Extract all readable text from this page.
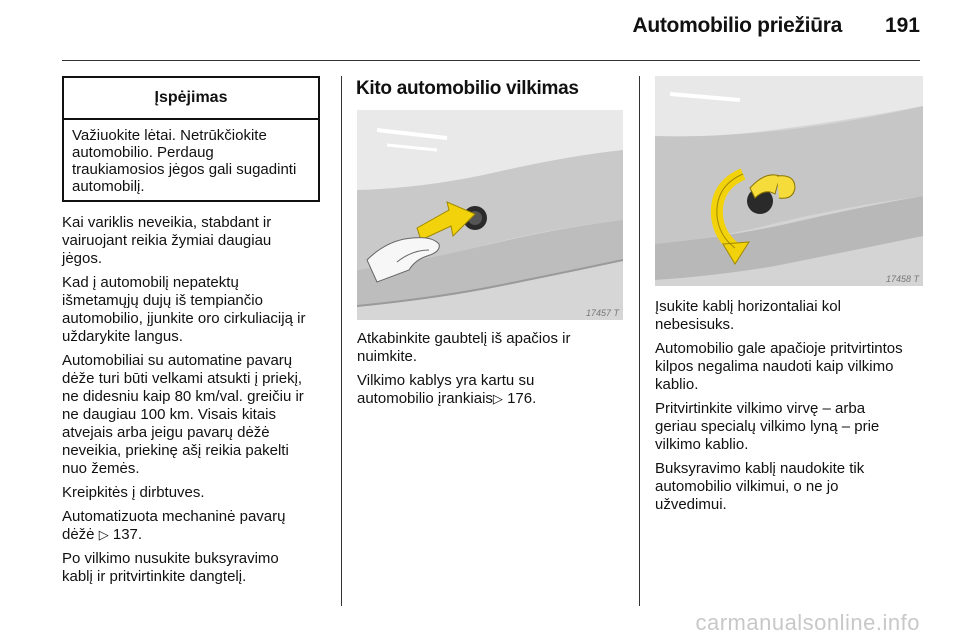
Automobilio priežiūra 191
Įspėjimas
Važiuokite lėtai. Netrūkčiokite
automobilio. Perdaug
traukiamosios jėgos gali sugadinti
automobilį.

Kai variklis neveikia, stabdant ir
vairuojant reikia žymiai daugiau
jėgos.

Kad į automobilį nepatektų
išmetamųjų dujų iš tempiančio
automobilio, įjunkite oro cirkuliaciją ir
uždarykite langus.

Automobiliai su automatine pavarų
dėže turi būti velkami atsukti į priekį,
ne didesniu kaip 80 km/val. greičiu ir
ne daugiau 100 km. Visais kitais
atvejais arba jeigu pavarų dėžė
neveikia, priekinę ašį reikia pakelti
nuo žemės.

Kreipkitės į dirbtuves.

Automatizuota mechaninė pavarų
dėžė ▷ 137.

Po vilkimo nusukite buksyravimo
kablį ir pritvirtinkite dangtelį.

Kito automobilio vilkimas
17457 T

Atkabinkite gaubtelį iš apačios ir
nuimkite.

Vilkimo kablys yra kartu su
automobilio įrankiais▷ 176.

17458 T

Įsukite kablį horizontaliai kol
nebesisuks.

Automobilio gale apačioje pritvirtintos
kilpos negalima naudoti kaip vilkimo
kablio.

Pritvirtinkite vilkimo virvę – arba
geriau specialų vilkimo lyną – prie
vilkimo kablio.

Buksyravimo kablį naudokite tik
automobilio vilkimui, o ne jo
užvedimui.

carmanualsonline.info
